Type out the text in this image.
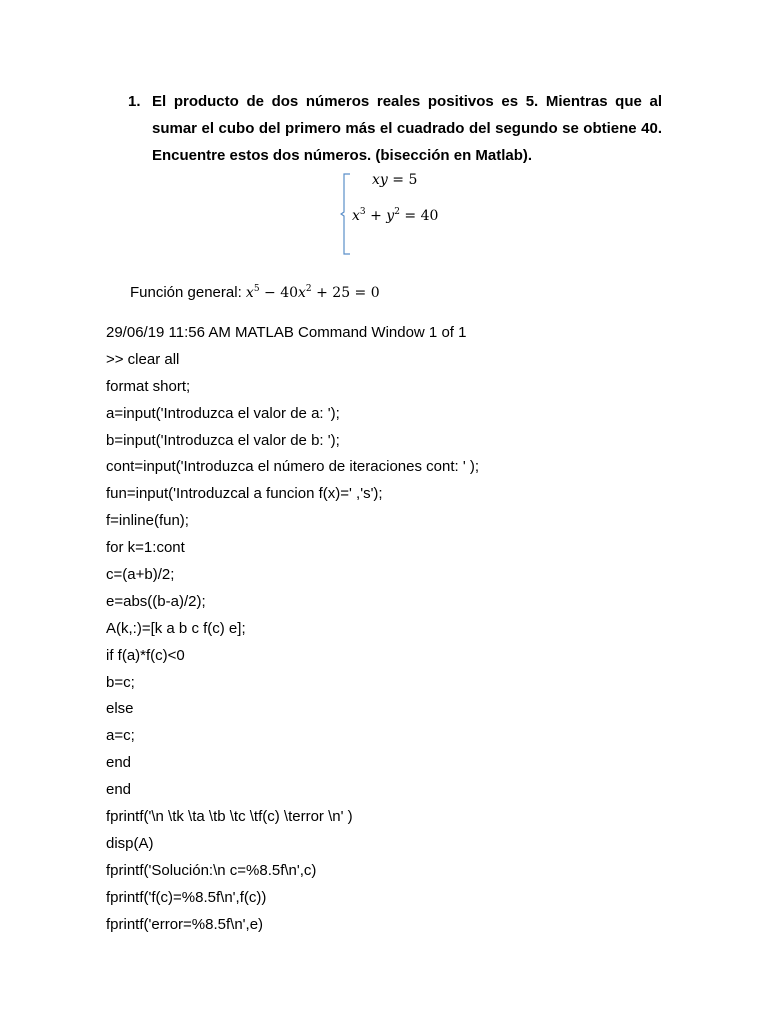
1. El producto de dos números reales positivos es 5. Mientras que al sumar el cubo del primero más el cuadrado del segundo se obtiene 40. Encuentre estos dos números. (bisección en Matlab).
xy = 5
$x^3 + y^2 = 40$
Función general: $x^5 - 40x^2 + 25 = 0$
29/06/19 11:56 AM MATLAB Command Window 1 of 1
>> clear all
format short;
a=input('Introduzca el valor de a: ');
b=input('Introduzca el valor de b: ');
cont=input('Introduzca el número de iteraciones cont: ' );
fun=input('Introduzcal a funcion f(x)=' ,'s');
f=inline(fun);
for k=1:cont
c=(a+b)/2;
e=abs((b-a)/2);
A(k,:)=[k a b c f(c) e];
if f(a)*f(c)<0
b=c;
else
a=c;
end
end
fprintf('\n \tk \ta \tb \tc \tf(c) \terror \n' )
disp(A)
fprintf('Solución:\n c=%8.5f\n',c)
fprintf('f(c)=%8.5f\n',f(c))
fprintf('error=%8.5f\n',e)
